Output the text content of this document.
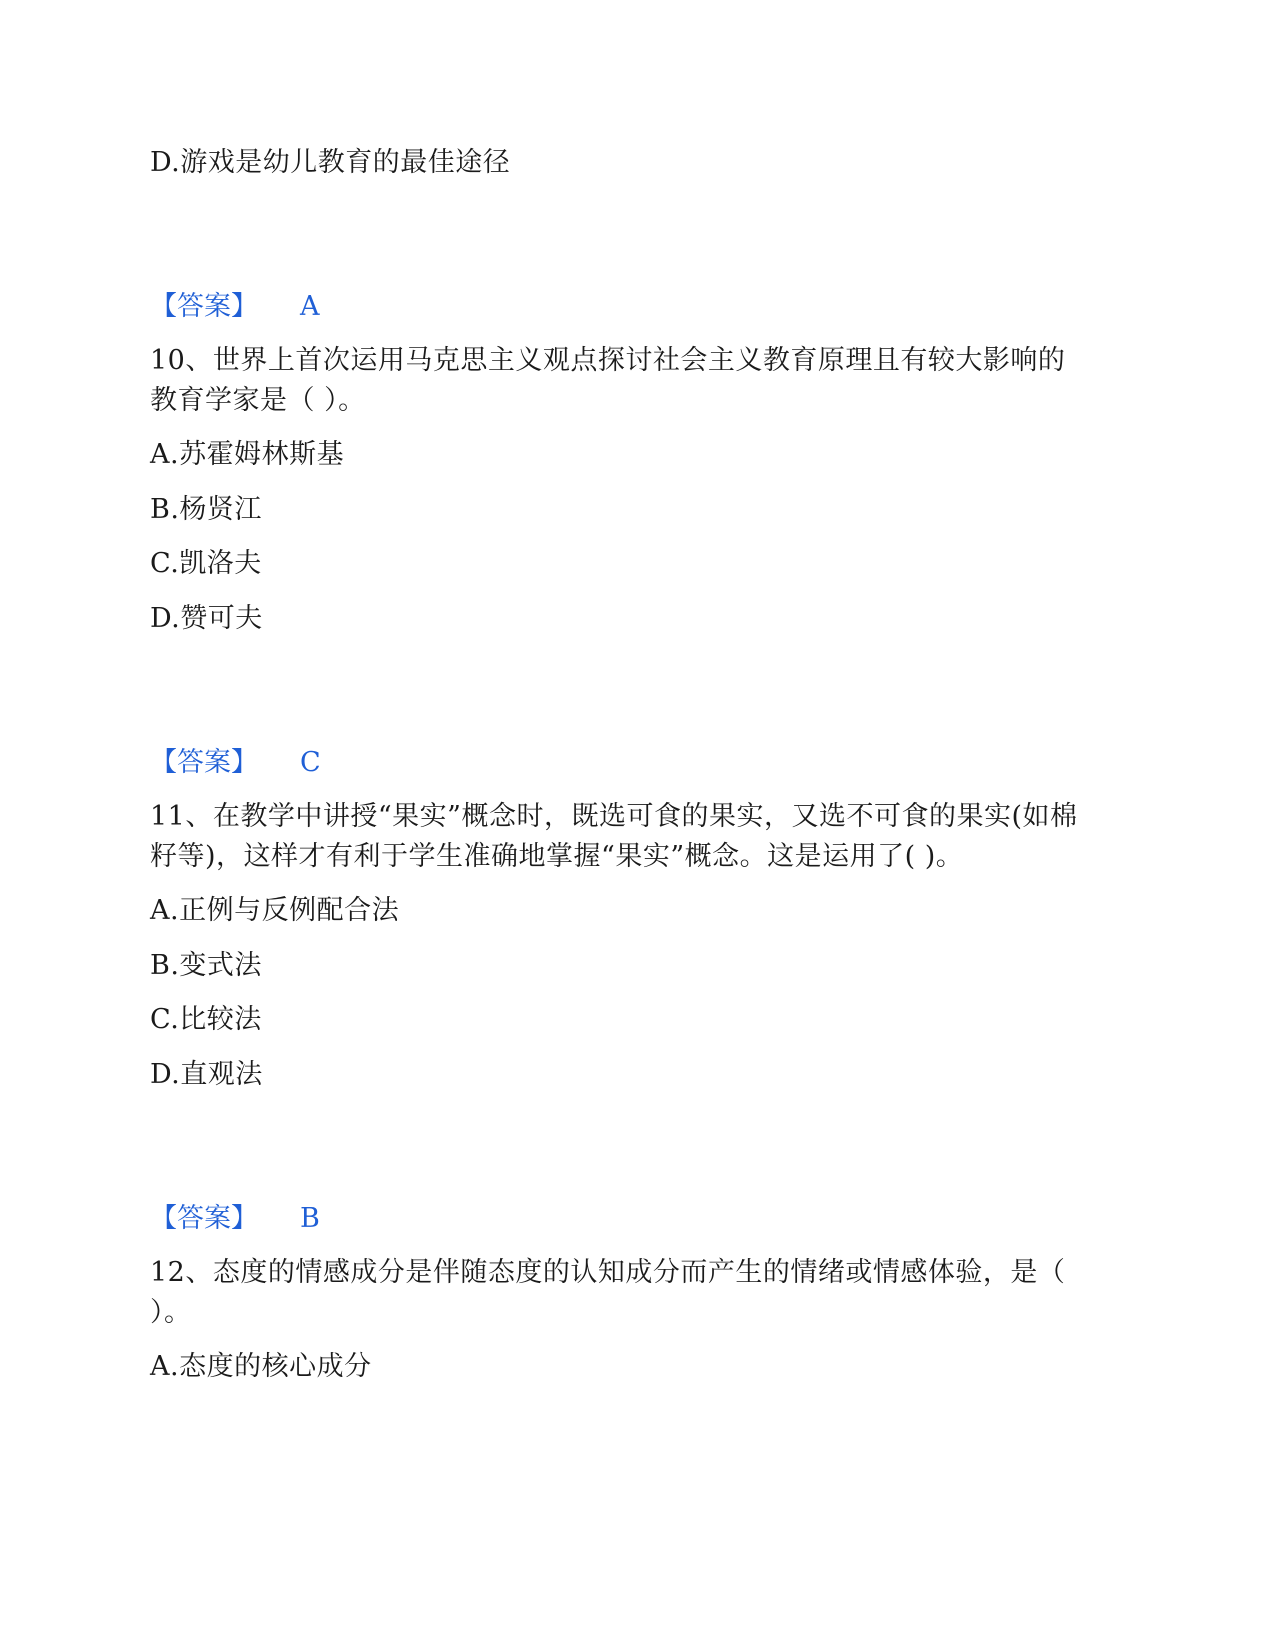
D.游戏是幼儿教育的最佳途径
【答案】 A
10、世界上首次运用马克思主义观点探讨社会主义教育原理且有较大影响的
教育学家是（ ）。
A.苏霍姆林斯基
B.杨贤江
C.凯洛夫
D.赞可夫
【答案】 C
11、在教学中讲授“果实”概念时，既选可食的果实，又选不可食的果实(如棉
籽等)，这样才有利于学生准确地掌握“果实”概念。这是运用了( )。
A.正例与反例配合法
B.变式法
C.比较法
D.直观法
【答案】 B
12、态度的情感成分是伴随态度的认知成分而产生的情绪或情感体验，是（
）。
A.态度的核心成分
